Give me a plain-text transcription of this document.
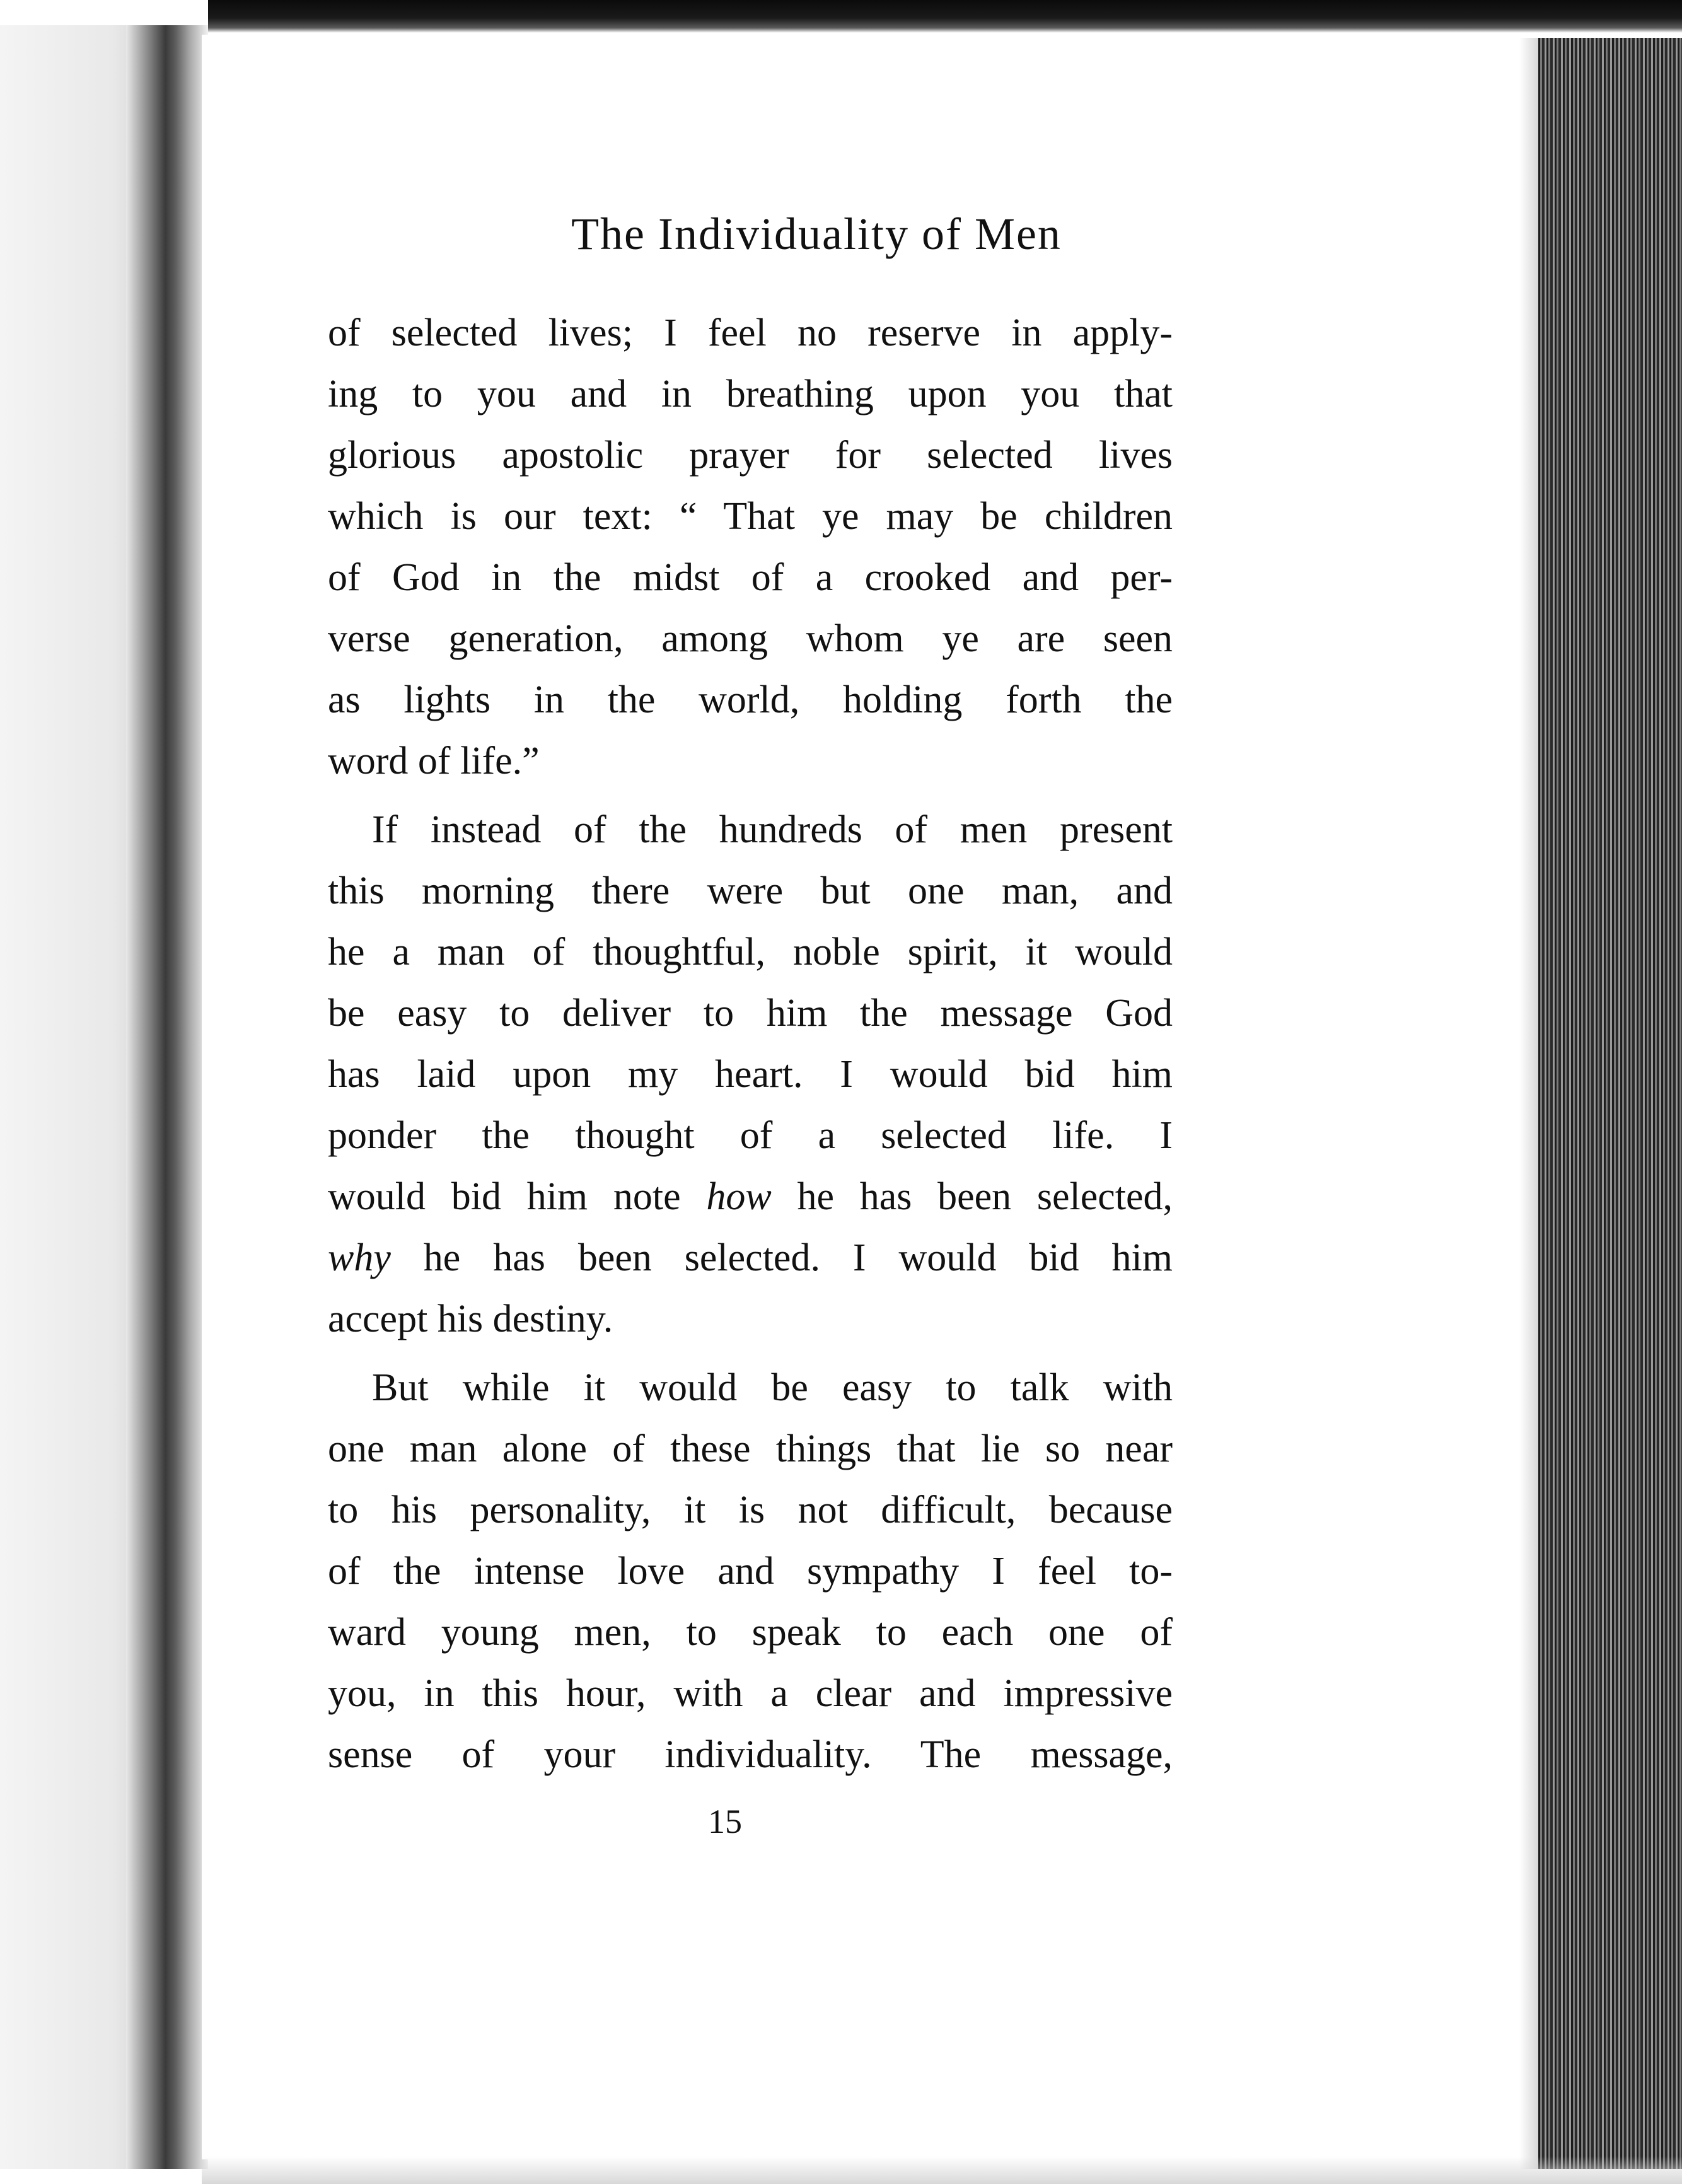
The Individuality of Men
of selected lives; I feel no reserve in apply-
ing to you and in breathing upon you that
glorious apostolic prayer for selected lives
which is our text: “ That ye may be children
of God in the midst of a crooked and per-
verse generation, among whom ye are seen
as lights in the world, holding forth the
word of life.”
If instead of the hundreds of men present
this morning there were but one man, and
he a man of thoughtful, noble spirit, it would
be easy to deliver to him the message God
has laid upon my heart. I would bid him
ponder the thought of a selected life. I
would bid him note how he has been selected,
why he has been selected. I would bid him
accept his destiny.
But while it would be easy to talk with
one man alone of these things that lie so near
to his personality, it is not difficult, because
of the intense love and sympathy I feel to-
ward young men, to speak to each one of
you, in this hour, with a clear and impressive
sense of your individuality. The message,
15
